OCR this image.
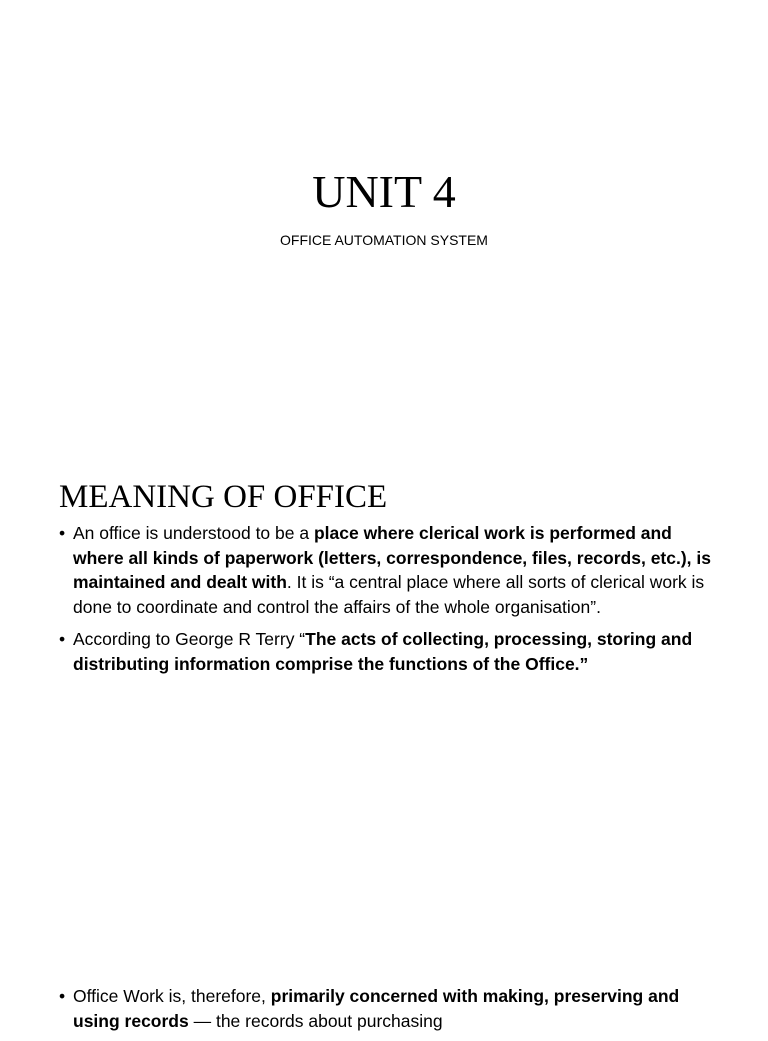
UNIT 4
OFFICE AUTOMATION SYSTEM
MEANING OF OFFICE
• An office is understood to be a place where clerical work is performed and where all kinds of paperwork (letters, correspondence, files, records, etc.), is maintained and dealt with. It is “a central place where all sorts of clerical work is done to coordinate and control the affairs of the whole organisation”.
• According to George R Terry “The acts of collecting, processing, storing and distributing information comprise the functions of the Office.”
• Office Work is, therefore, primarily concerned with making, preserving and using records — the records about purchasing
